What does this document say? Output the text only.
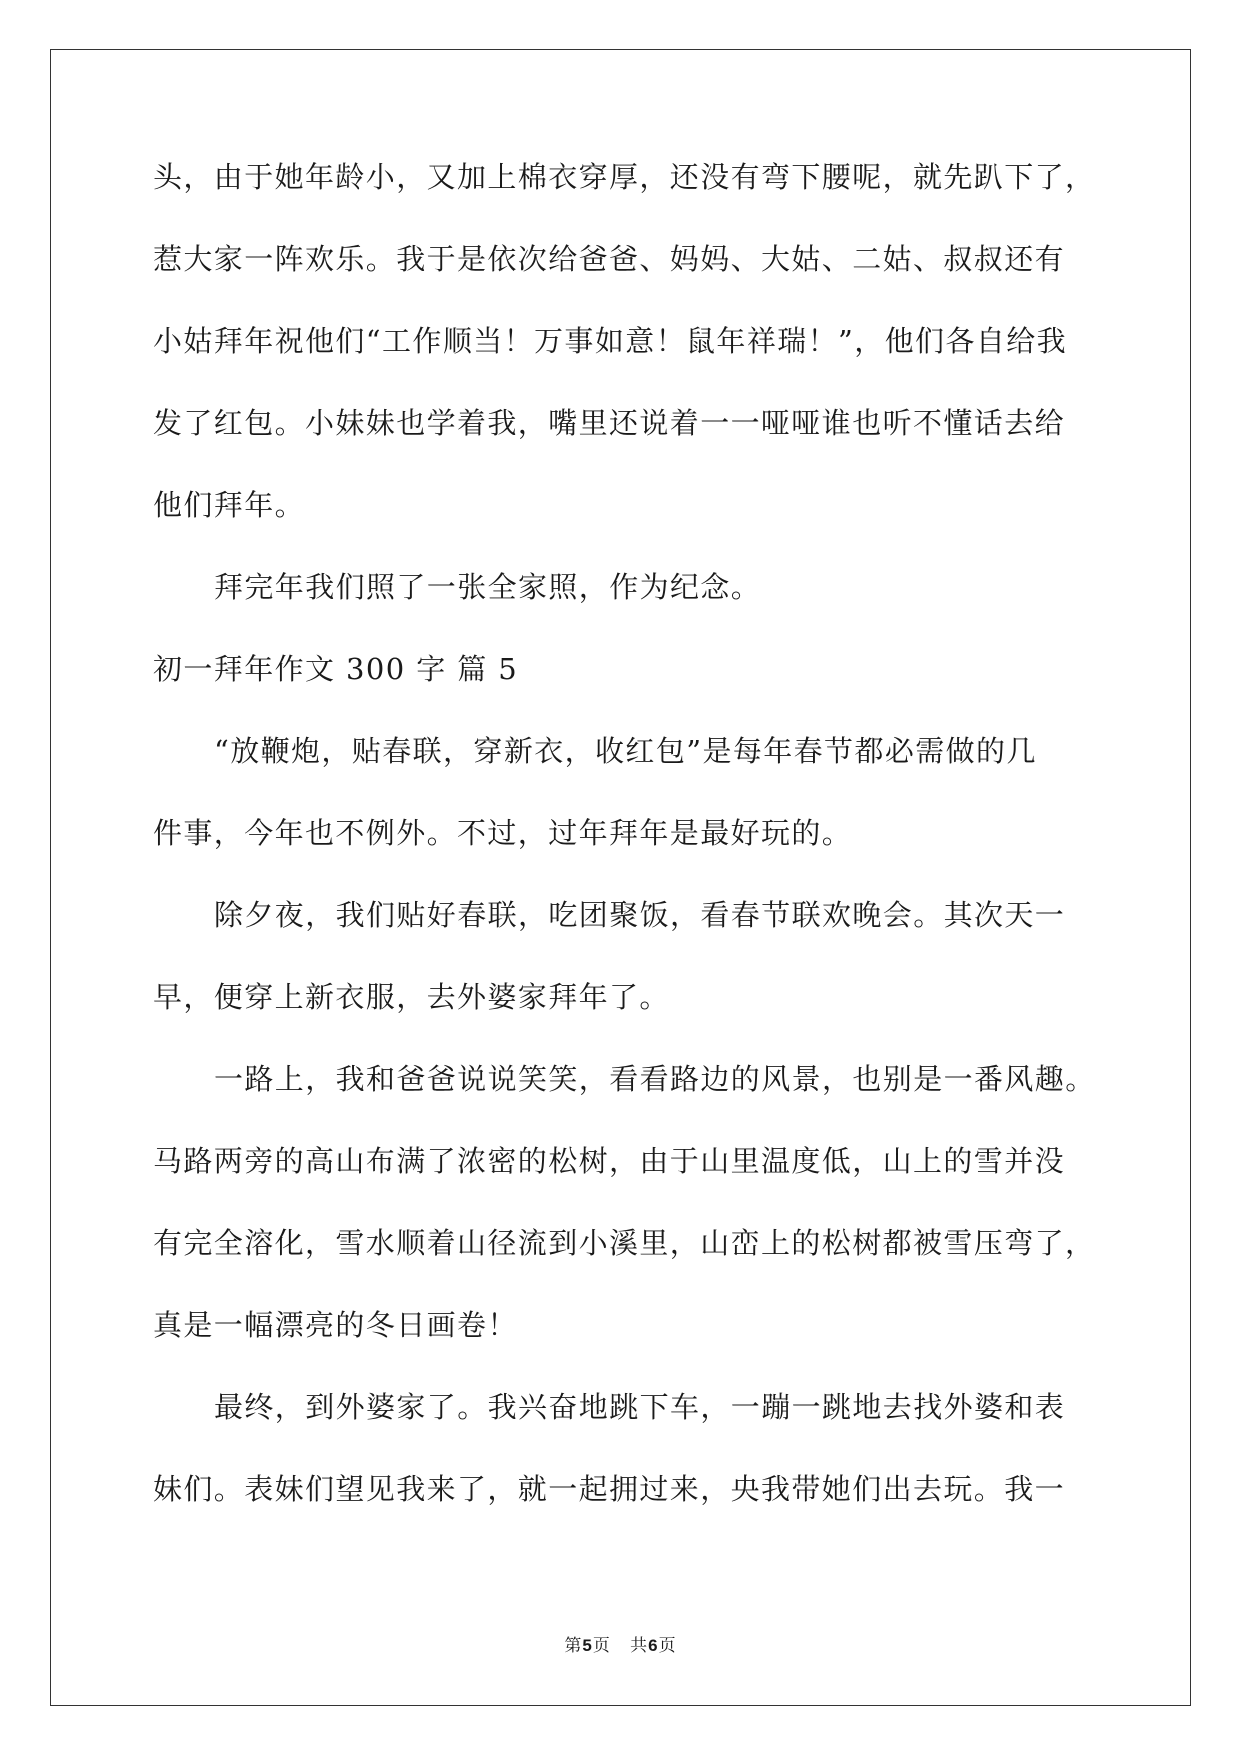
头，由于她年龄小，又加上棉衣穿厚，还没有弯下腰呢，就先趴下了，
惹大家一阵欢乐。我于是依次给爸爸、妈妈、大姑、二姑、叔叔还有
小姑拜年祝他们“工作顺当！万事如意！鼠年祥瑞！”，他们各自给我
发了红包。小妹妹也学着我，嘴里还说着一一哑哑谁也听不懂话去给
他们拜年。
拜完年我们照了一张全家照，作为纪念。
初一拜年作文 300 字 篇 5
“放鞭炮，贴春联，穿新衣，收红包”是每年春节都必需做的几
件事，今年也不例外。不过，过年拜年是最好玩的。
除夕夜，我们贴好春联，吃团聚饭，看春节联欢晚会。其次天一
早，便穿上新衣服，去外婆家拜年了。
一路上，我和爸爸说说笑笑，看看路边的风景，也别是一番风趣。
马路两旁的高山布满了浓密的松树，由于山里温度低，山上的雪并没
有完全溶化，雪水顺着山径流到小溪里，山峦上的松树都被雪压弯了，
真是一幅漂亮的冬日画卷！
最终，到外婆家了。我兴奋地跳下车，一蹦一跳地去找外婆和表
妹们。表妹们望见我来了，就一起拥过来，央我带她们出去玩。我一
第5页   共6页
